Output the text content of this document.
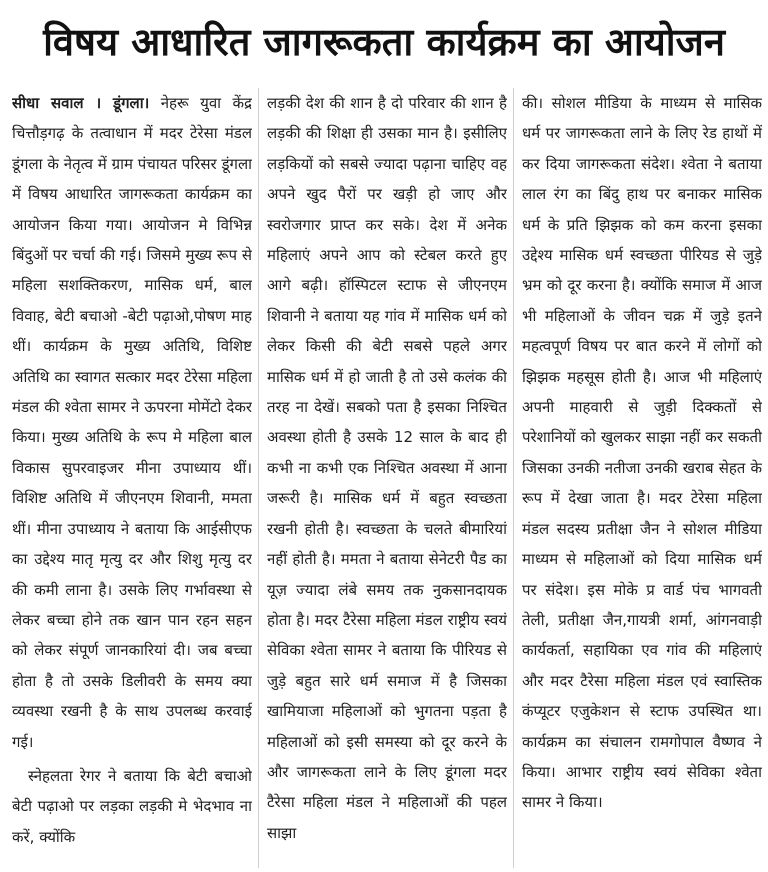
विषय आधारित जागरूकता कार्यक्रम का आयोजन

सीधा सवाल । डूंगला। नेहरू युवा केंद्र चित्तौड़गढ़ के तत्वाधान में मदर टेरेसा मंडल डूंगला के नेतृत्व में ग्राम पंचायत परिसर डूंगला में विषय आधारित जागरूकता कार्यक्रम का आयोजन किया गया। आयोजन मे विभिन्न बिंदुओं पर चर्चा की गई। जिसमे मुख्य रूप से महिला सशक्तिकरण, मासिक धर्म, बाल विवाह, बेटी बचाओ -बेटी पढ़ाओ,पोषण माह थीं। कार्यक्रम के मुख्य अतिथि, विशिष्ट अतिथि का स्वागत सत्कार मदर टेरेसा महिला मंडल की श्वेता सामर ने ऊपरना मोमेंटो देकर किया। मुख्य अतिथि के रूप मे महिला बाल विकास सुपरवाइजर मीना उपाध्याय थीं। विशिष्ट अतिथि में जीएनएम शिवानी, ममता थीं। मीना उपाध्याय ने बताया कि आईसीएफ का उद्देश्य मातृ मृत्यु दर और शिशु मृत्यु दर की कमी लाना है। उसके लिए गर्भावस्था से लेकर बच्चा होने तक खान पान रहन सहन को लेकर संपूर्ण जानकारियां दी। जब बच्चा होता है तो उसके डिलीवरी के समय क्या व्यवस्था रखनी है के साथ उपलब्ध करवाई गई।

स्नेहलता रेगर ने बताया कि बेटी बचाओ बेटी पढ़ाओ पर लड़का लड़की मे भेदभाव ना करें, क्योंकि

लड़की देश की शान है दो परिवार की शान है लड़की की शिक्षा ही उसका मान है। इसीलिए लड़कियों को सबसे ज्यादा पढ़ाना चाहिए वह अपने खुद पैरों पर खड़ी हो जाए और स्वरोजगार प्राप्त कर सके। देश में अनेक महिलाएं अपने आप को स्टेबल करते हुए आगे बढ़ी। हॉस्पिटल स्टाफ से जीएनएम शिवानी ने बताया यह गांव में मासिक धर्म को लेकर किसी की बेटी सबसे पहले अगर मासिक धर्म में हो जाती है तो उसे कलंक की तरह ना देखें। सबको पता है इसका निश्चित अवस्था होती है उसके 12 साल के बाद ही कभी ना कभी एक निश्चित अवस्था में आना जरूरी है। मासिक धर्म में बहुत स्वच्छता रखनी होती है। स्वच्छता के चलते बीमारियां नहीं होती है। ममता ने बताया सेनेटरी पैड का यूज़ ज्यादा लंबे समय तक नुकसानदायक होता है। मदर टैरेसा महिला मंडल राष्ट्रीय स्वयं सेविका श्वेता सामर ने बताया कि पीरियड से जुड़े बहुत सारे धर्म समाज में है जिसका खामियाजा महिलाओं को भुगतना पड़ता है महिलाओं को इसी समस्या को दूर करने के और जागरूकता लाने के लिए डूंगला मदर टैरेसा महिला मंडल ने महिलाओं की पहल साझा

की। सोशल मीडिया के माध्यम से मासिक धर्म पर जागरूकता लाने के लिए रेड हाथों में कर दिया जागरूकता संदेश। श्वेता ने बताया लाल रंग का बिंदु हाथ पर बनाकर मासिक धर्म के प्रति झिझक को कम करना इसका उद्देश्य मासिक धर्म स्वच्छता पीरियड से जुड़े भ्रम को दूर करना है। क्योंकि समाज में आज भी महिलाओं के जीवन चक्र में जुड़े इतने महत्वपूर्ण विषय पर बात करने में लोगों को झिझक महसूस होती है। आज भी महिलाएं अपनी माहवारी से जुड़ी दिक्कतों से परेशानियों को खुलकर साझा नहीं कर सकती जिसका उनकी नतीजा उनकी खराब सेहत के रूप में देखा जाता है। मदर टेरेसा महिला मंडल सदस्य प्रतीक्षा जैन ने सोशल मीडिया माध्यम से महिलाओं को दिया मासिक धर्म पर संदेश। इस मोके प्र वार्ड पंच भागवती तेली, प्रतीक्षा जैन,गायत्री शर्मा, आंगनवाड़ी कार्यकर्ता, सहायिका एव गांव की महिलाएं और मदर टैरेसा महिला मंडल एवं स्वास्तिक कंप्यूटर एजुकेशन से स्टाफ उपस्थित था। कार्यक्रम का संचालन रामगोपाल वैष्णव ने किया। आभार राष्ट्रीय स्वयं सेविका श्वेता सामर ने किया।
